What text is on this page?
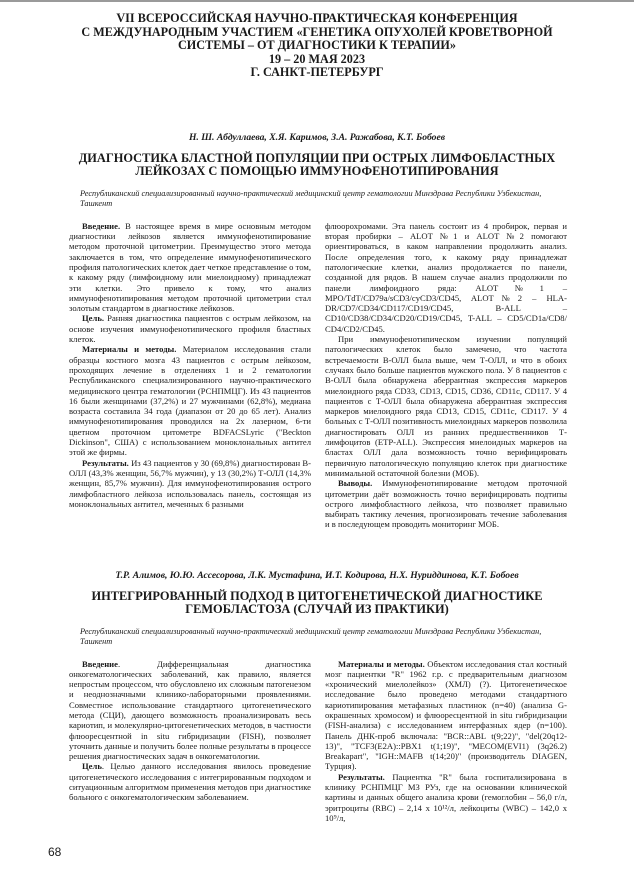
VII ВСЕРОССИЙСКАЯ НАУЧНО-ПРАКТИЧЕСКАЯ КОНФЕРЕНЦИЯ
С МЕЖДУНАРОДНЫМ УЧАСТИЕМ «ГЕНЕТИКА ОПУХОЛЕЙ КРОВЕТВОРНОЙ
СИСТЕМЫ – ОТ ДИАГНОСТИКИ К ТЕРАПИИ»
19 – 20 МАЯ 2023
Г. САНКТ-ПЕТЕРБУРГ
Н. Ш. Абдуллаева, Х.Я. Каримов, З.А. Ражабова, К.Т. Бобоев
ДИАГНОСТИКА БЛАСТНОЙ ПОПУЛЯЦИИ ПРИ ОСТРЫХ ЛИМФОБЛАСТНЫХ
ЛЕЙКОЗАХ С ПОМОЩЬЮ ИММУНОФЕНОТИПИРОВАНИЯ
Республиканский специализированный научно-практический медицинский центр гематологии Минздрава Республики Узбекистан, Ташкент

Введение. В настоящее время в мире основным методом диагностики лейкозов является иммунофенотипирование методом проточной цитометрии. Преимущество этого метода заключается в том, что определение иммунофенотипического профиля патологических клеток дает четкое представление о том, к какому ряду (лимфоидному или миелоидному) принадлежат эти клетки. Это привело к тому, что анализ иммунофенотипирования методом проточной цитометрии стал золотым стандартом в диагностике лейкозов.

Цель. Ранняя диагностика пациентов с острым лейкозом, на основе изучения иммунофенотипического профиля бластных клеток.

Материалы и методы. Материалом исследования стали образцы костного мозга 43 пациентов с острым лейкозом, проходящих лечение в отделениях 1 и 2 гематологии Республиканского специализированного научно-практического медицинского центра гематологии (РСНПМЦГ). Из 43 пациентов 16 были женщинами (37,2%) и 27 мужчинами (62,8%), медиана возраста составила 34 года (диапазон от 20 до 65 лет). Анализ иммунофенотипирования проводился на 2х лазерном, 6-ти цветном проточном цитометре BDFACSLyric ("Beckton Dickinson", США) с использованием моноклональных антител этой же фирмы.

Результаты. Из 43 пациентов у 30 (69,8%) диагностирован В-ОЛЛ (43,3% женщин, 56,7% мужчин), у 13 (30,2%) Т-ОЛЛ (14,3% женщин, 85,7% мужчин). Для иммунофенотипирования острого лимфобластного лейкоза использовалась панель, состоящая из моноклональных антител, меченных 6 разными

флюорохромами. Эта панель состоит из 4 пробирок, первая и вторая пробирки – ALOT №1 и ALOT №2 помогают ориентироваться, в каком направлении продолжить анализ. После определения того, к какому ряду принадлежат патологические клетки, анализ продолжается по панели, созданной для рядов. В нашем случае анализ продолжили по панели лимфоидного ряда: ALOT№1 – MPO/TdT/CD79a/sCD3/cyCD3/CD45, ALOT№2 – HLA-DR/CD7/CD34/CD117/CD19/CD45, B-ALL – CD10/CD38/CD34/CD20/CD19/CD45, T-ALL – CD5/CD1a/CD8/ CD4/CD2/CD45.

При иммунофенотипическом изучении популяций патологических клеток было замечено, что частота встречаемости В-ОЛЛ была выше, чем Т-ОЛЛ, и что в обоих случаях было больше пациентов мужского пола. У 8 пациентов с В-ОЛЛ была обнаружена аберрантная экспрессия маркеров миелоидного ряда CD33, CD13, CD15, CD36, CD11c, CD117. У 4 пациентов с Т-ОЛЛ была обнаружена аберрантная экспрессия маркеров миелоидного ряда CD13, CD15, CD11c, CD117. У 4 больных с Т-ОЛЛ позитивность миелоидных маркеров позволила диагностировать ОЛЛ из ранних предшественников Т-лимфоцитов (ETP-ALL). Экспрессия миелоидных маркеров на бластах ОЛЛ дала возможность точно верифицировать первичную патологическую популяцию клеток при диагностике минимальной остаточной болезни (МОБ).

Выводы. Иммунофенотипирование методом проточной цитометрии даёт возможность точно верифицировать подтипы острого лимфобластного лейкоза, что позволяет правильно выбирать тактику лечения, прогнозировать течение заболевания и в последующем проводить мониторинг МОБ.

Т.Р. Алимов, Ю.Ю. Ассесорова, Л.К. Мустафина, И.Т. Кодирова, Н.Х. Нуриддинова, К.Т. Бобоев
ИНТЕГРИРОВАННЫЙ ПОДХОД В ЦИТОГЕНЕТИЧЕСКОЙ ДИАГНОСТИКЕ
ГЕМОБЛАСТОЗА (СЛУЧАЙ ИЗ ПРАКТИКИ)
Республиканский специализированный научно-практический медицинский центр гематологии Минздрава Республики Узбекистан, Ташкент

Введение. Дифференциальная диагностика онкогематологических заболеваний, как правило, является непростым процессом, что обусловлено их сложным патогенезом и неоднозначными клинико-лабораторными проявлениями. Совместное использование стандартного цитогенетического метода (СЦИ), дающего возможность проанализировать весь кариотип, и молекулярно-цитогенетических методов, в частности флюоресцентной in situ гибридизации (FISH), позволяет уточнить данные и получить более полные результаты в процессе решения диагностических задач в онкогематологии.

Цель. Целью данного исследования явилось проведение цитогенетического исследования с интегрированным подходом и ситуационным алгоритмом применения методов при диагностике больного с онкогематологическим заболеванием.

Материалы и методы. Объектом исследования стал костный мозг пациентки "R" 1962 г.р. с предварительным диагнозом «хронический миелолейкоз» (ХМЛ) (?). Цитогенетическое исследование было проведено методами стандартного кариотипирования метафазных пластинок (n=40) (анализа G-окрашенных хромосом) и флюоресцентной in situ гибридизации (FISH-анализа) с исследованием интерфазных ядер (n=100). Панель ДНК-проб включала: "BCR::ABL t(9;22)", "del(20q12-13)", "TCF3(E2A)::PBX1 t(1;19)", "MECOM(EVI1) (3q26.2) Breakapart", "IGH::MAFB t(14;20)" (производитель DIAGEN, Турция).

Результаты. Пациентка "R" была госпитализирована в клинику РСНПМЦГ МЗ РУз, где на основании клинической картины и данных общего анализа крови (гемоглобин – 56,0 г/л, эритроциты (RBC) – 2,14 x 10¹²/л, лейкоциты (WBC) – 142,0 x 10⁹/л,

68
